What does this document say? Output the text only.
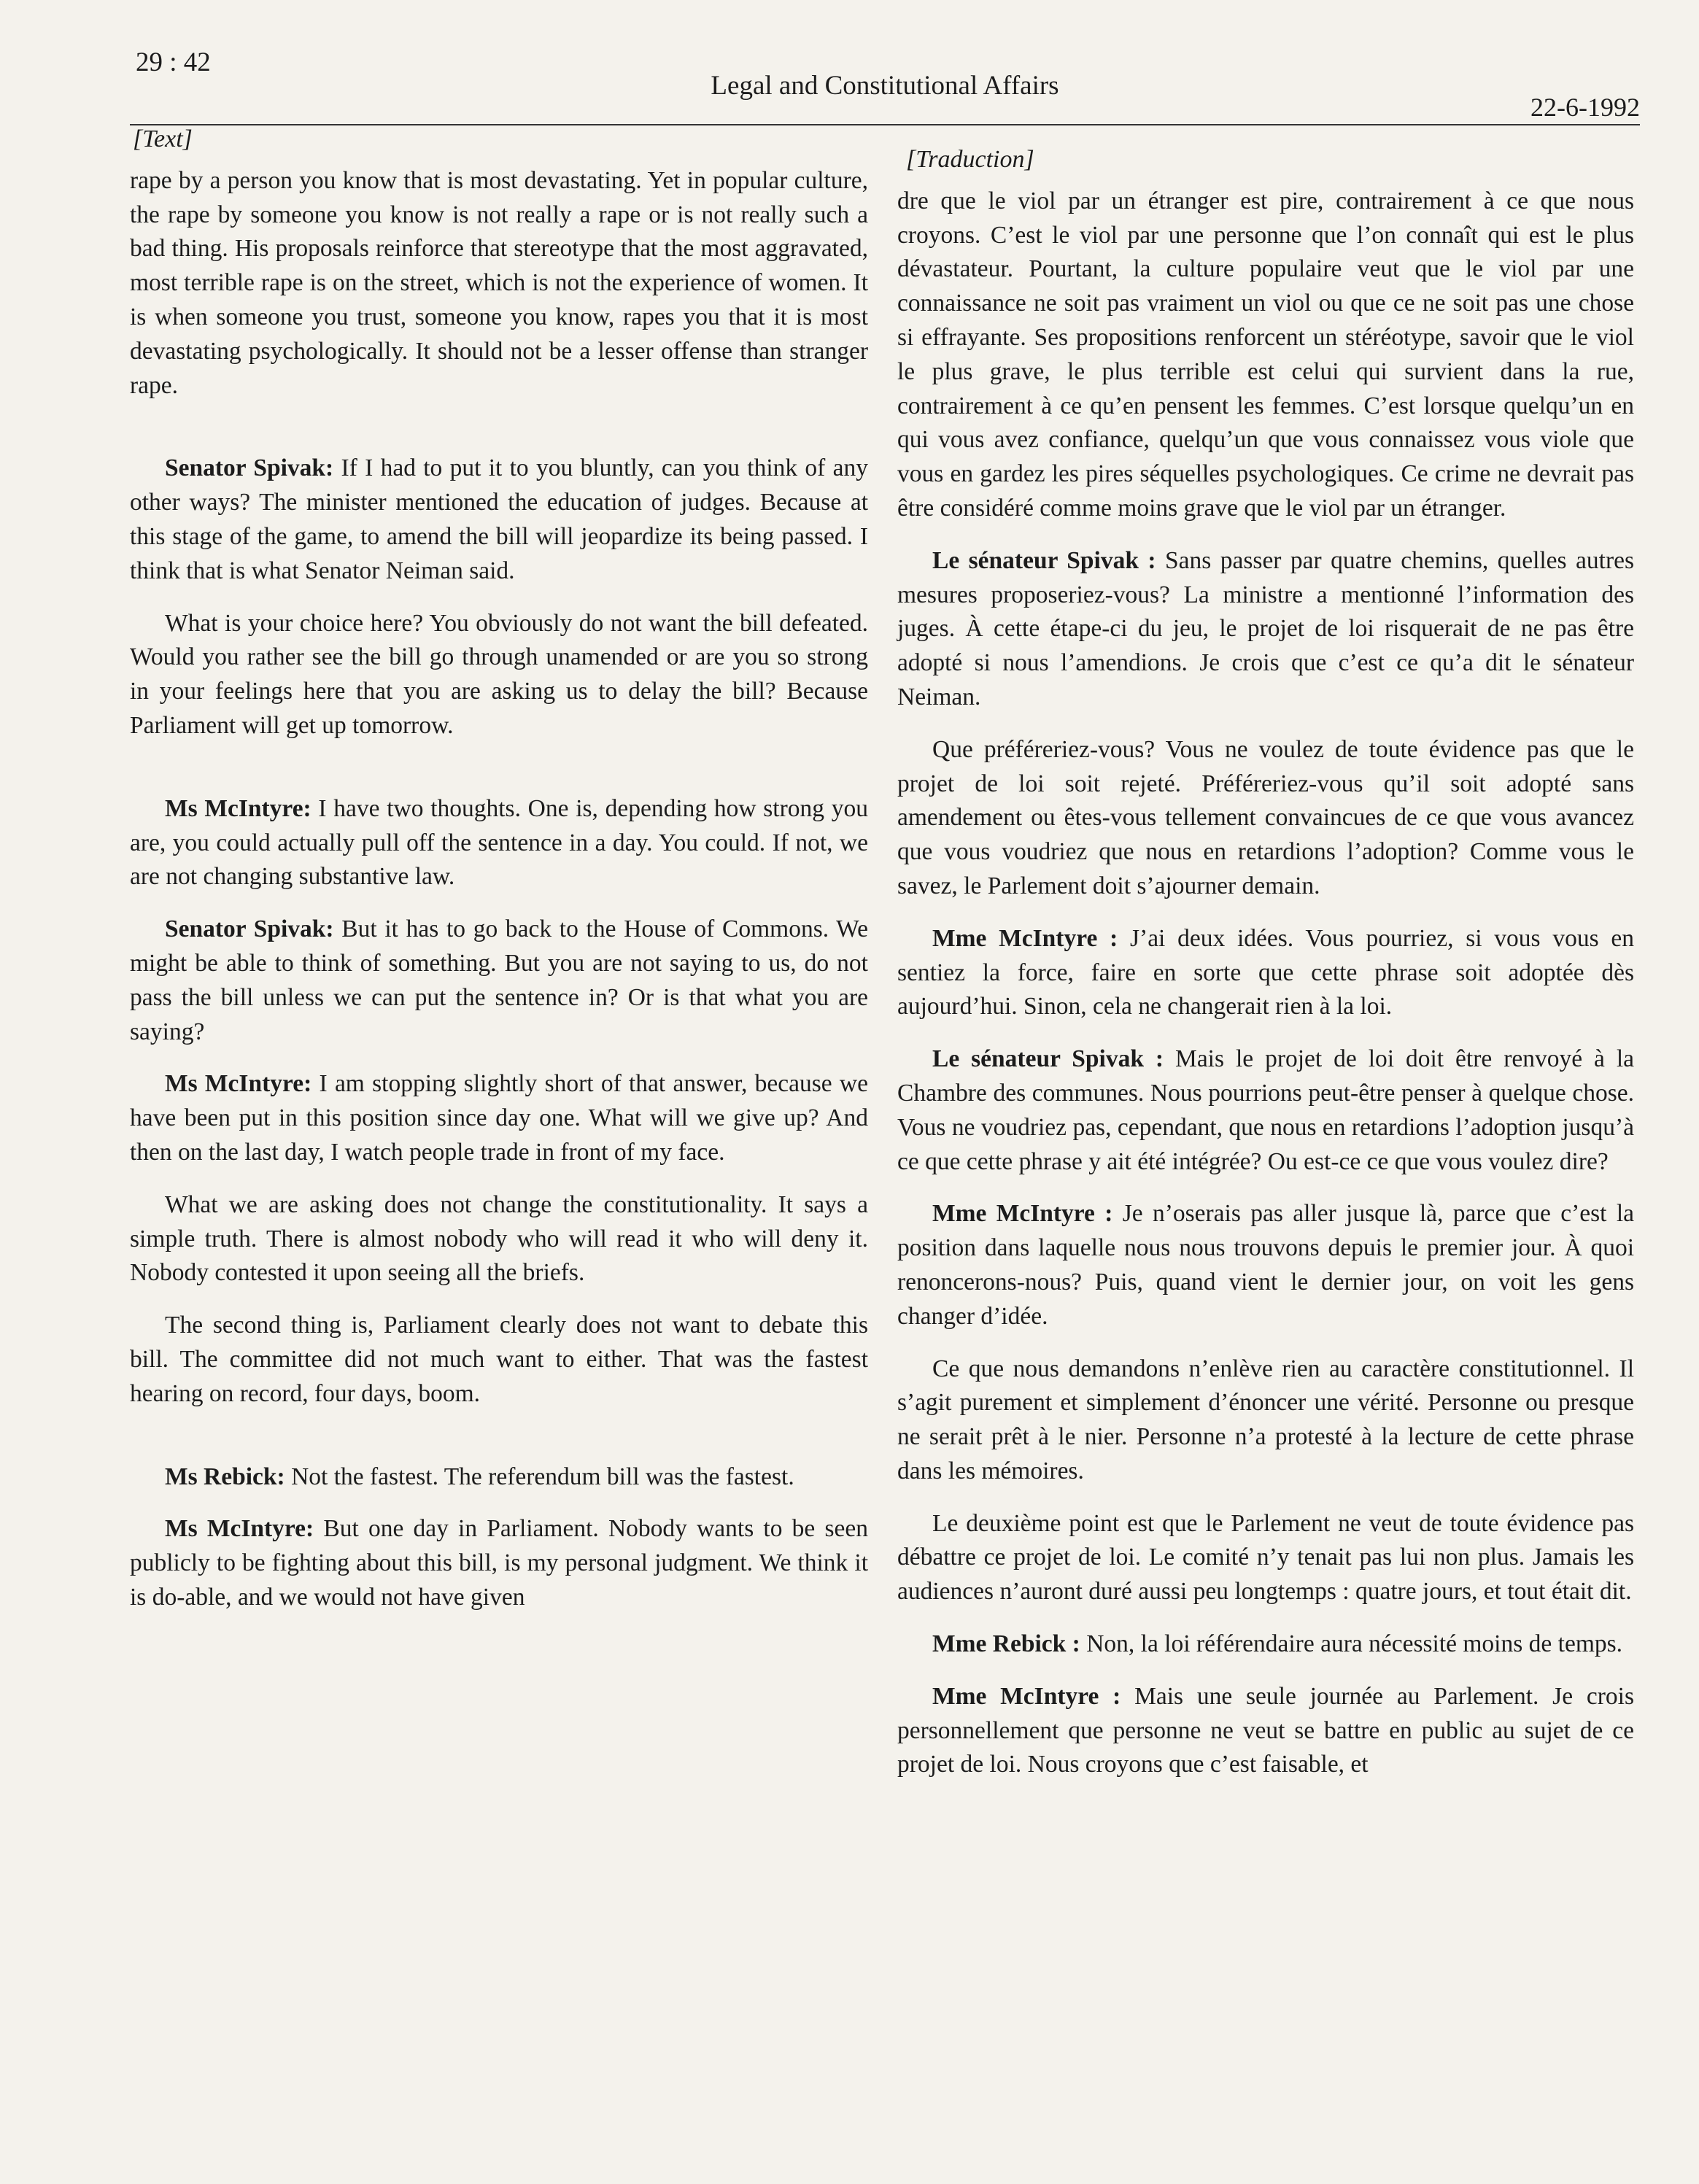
29 : 42
Legal and Constitutional Affairs
22-6-1992
[Text]

rape by a person you know that is most devastating. Yet in popular culture, the rape by someone you know is not really a rape or is not really such a bad thing. His proposals reinforce that stereotype that the most aggravated, most terrible rape is on the street, which is not the experience of women. It is when someone you trust, someone you know, rapes you that it is most devastating psychologically. It should not be a lesser offense than stranger rape.

Senator Spivak: If I had to put it to you bluntly, can you think of any other ways? The minister mentioned the education of judges. Because at this stage of the game, to amend the bill will jeopardize its being passed. I think that is what Senator Neiman said.

What is your choice here? You obviously do not want the bill defeated. Would you rather see the bill go through unamended or are you so strong in your feelings here that you are asking us to delay the bill? Because Parliament will get up tomorrow.

Ms McIntyre: I have two thoughts. One is, depending how strong you are, you could actually pull off the sentence in a day. You could. If not, we are not changing substantive law.

Senator Spivak: But it has to go back to the House of Commons. We might be able to think of something. But you are not saying to us, do not pass the bill unless we can put the sentence in? Or is that what you are saying?

Ms McIntyre: I am stopping slightly short of that answer, because we have been put in this position since day one. What will we give up? And then on the last day, I watch people trade in front of my face.

What we are asking does not change the constitutionality. It says a simple truth. There is almost nobody who will read it who will deny it. Nobody contested it upon seeing all the briefs.

The second thing is, Parliament clearly does not want to debate this bill. The committee did not much want to either. That was the fastest hearing on record, four days, boom.

Ms Rebick: Not the fastest. The referendum bill was the fastest.

Ms McIntyre: But one day in Parliament. Nobody wants to be seen publicly to be fighting about this bill, is my personal judgment. We think it is do-able, and we would not have given

[Traduction]

dre que le viol par un étranger est pire, contrairement à ce que nous croyons. C’est le viol par une personne que l’on connaît qui est le plus dévastateur. Pourtant, la culture populaire veut que le viol par une connaissance ne soit pas vraiment un viol ou que ce ne soit pas une chose si effrayante. Ses propositions renforcent un stéréotype, savoir que le viol le plus grave, le plus terrible est celui qui survient dans la rue, contrairement à ce qu’en pensent les femmes. C’est lorsque quelqu’un en qui vous avez confiance, quelqu’un que vous connaissez vous viole que vous en gardez les pires séquelles psychologiques. Ce crime ne devrait pas être considéré comme moins grave que le viol par un étranger.

Le sénateur Spivak : Sans passer par quatre chemins, quelles autres mesures proposeriez-vous? La ministre a mentionné l’information des juges. À cette étape-ci du jeu, le projet de loi risquerait de ne pas être adopté si nous l’amendions. Je crois que c’est ce qu’a dit le sénateur Neiman.

Que préféreriez-vous? Vous ne voulez de toute évidence pas que le projet de loi soit rejeté. Préféreriez-vous qu’il soit adopté sans amendement ou êtes-vous tellement convaincues de ce que vous avancez que vous voudriez que nous en retardions l’adoption? Comme vous le savez, le Parlement doit s’ajourner demain.

Mme McIntyre : J’ai deux idées. Vous pourriez, si vous vous en sentiez la force, faire en sorte que cette phrase soit adoptée dès aujourd’hui. Sinon, cela ne changerait rien à la loi.

Le sénateur Spivak : Mais le projet de loi doit être renvoyé à la Chambre des communes. Nous pourrions peut-être penser à quelque chose. Vous ne voudriez pas, cependant, que nous en retardions l’adoption jusqu’à ce que cette phrase y ait été intégrée? Ou est-ce ce que vous voulez dire?

Mme McIntyre : Je n’oserais pas aller jusque là, parce que c’est la position dans laquelle nous nous trouvons depuis le premier jour. À quoi renoncerons-nous? Puis, quand vient le dernier jour, on voit les gens changer d’idée.

Ce que nous demandons n’enlève rien au caractère constitutionnel. Il s’agit purement et simplement d’énoncer une vérité. Personne ou presque ne serait prêt à le nier. Personne n’a protesté à la lecture de cette phrase dans les mémoires.

Le deuxième point est que le Parlement ne veut de toute évidence pas débattre ce projet de loi. Le comité n’y tenait pas lui non plus. Jamais les audiences n’auront duré aussi peu longtemps : quatre jours, et tout était dit.

Mme Rebick : Non, la loi référendaire aura nécessité moins de temps.

Mme McIntyre : Mais une seule journée au Parlement. Je crois personnellement que personne ne veut se battre en public au sujet de ce projet de loi. Nous croyons que c’est faisable, et
